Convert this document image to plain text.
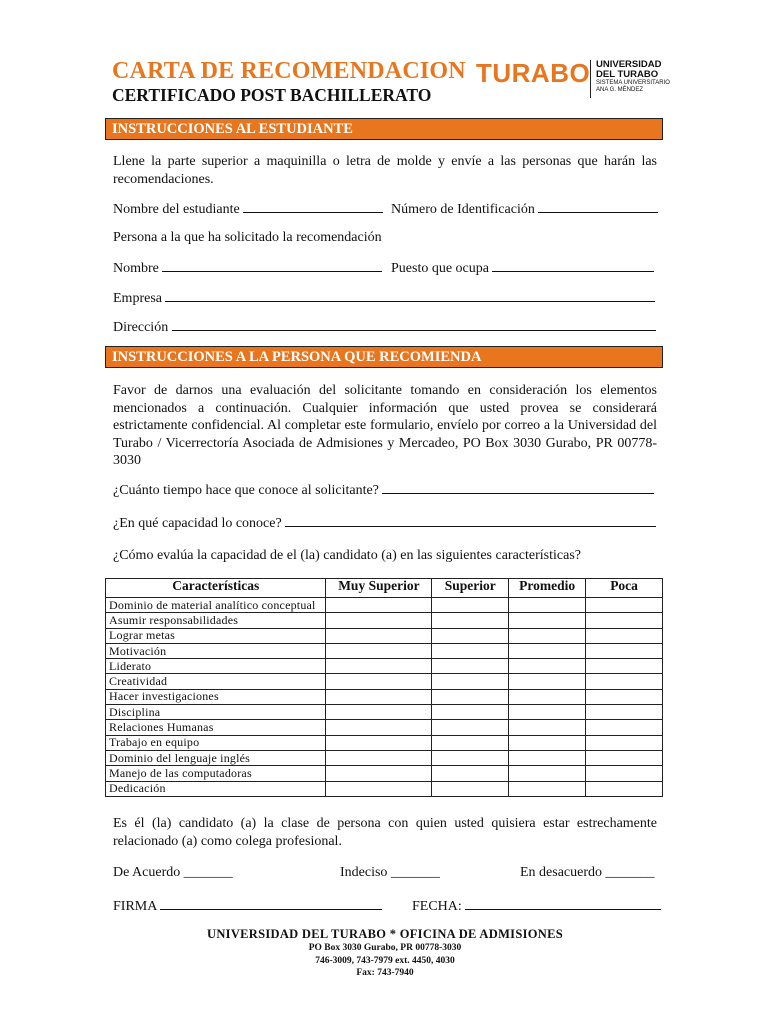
CARTA DE RECOMENDACION
CERTIFICADO POST BACHILLERATO
TURABO UNIVERSIDAD
DEL TURABO
SISTEMA UNIVERSITARIO
ANA G. MÉNDEZ
INSTRUCCIONES AL ESTUDIANTE
Llene la parte superior a maquinilla o letra de molde y envíe a las personas que harán las recomendaciones.
Nombre del estudiante	Número de Identificación
Persona a la que ha solicitado la recomendación
Nombre	Puesto que ocupa
Empresa
Dirección
INSTRUCCIONES A LA PERSONA QUE RECOMIENDA
Favor de darnos una evaluación del solicitante tomando en consideración los elementos mencionados a continuación. Cualquier información que usted provea se considerará estrictamente confidencial. Al completar este formulario, envíelo por correo a la Universidad del Turabo / Vicerrectoría Asociada de Admisiones y Mercadeo, PO Box 3030 Gurabo, PR 00778-3030
¿Cuánto tiempo hace que conoce al solicitante?
¿En qué capacidad lo conoce?
¿Cómo evalúa la capacidad de el (la) candidato (a) en las siguientes características?
Características	Muy Superior	Superior	Promedio	Poca
Dominio de material analítico conceptual				
Asumir responsabilidades				
Lograr metas				
Motivación				
Liderato				
Creatividad				
Hacer investigaciones				
Disciplina				
Relaciones Humanas				
Trabajo en equipo				
Dominio del lenguaje inglés				
Manejo de las computadoras				
Dedicación				
Es él (la) candidato (a) la clase de persona con quien usted quisiera estar estrechamente relacionado (a) como colega profesional.
De Acuerdo _______	Indeciso _______	En desacuerdo _______
FIRMA	FECHA:
UNIVERSIDAD DEL TURABO * OFICINA DE ADMISIONES
PO Box 3030 Gurabo, PR 00778-3030
746-3009, 743-7979 ext. 4450, 4030
Fax: 743-7940
